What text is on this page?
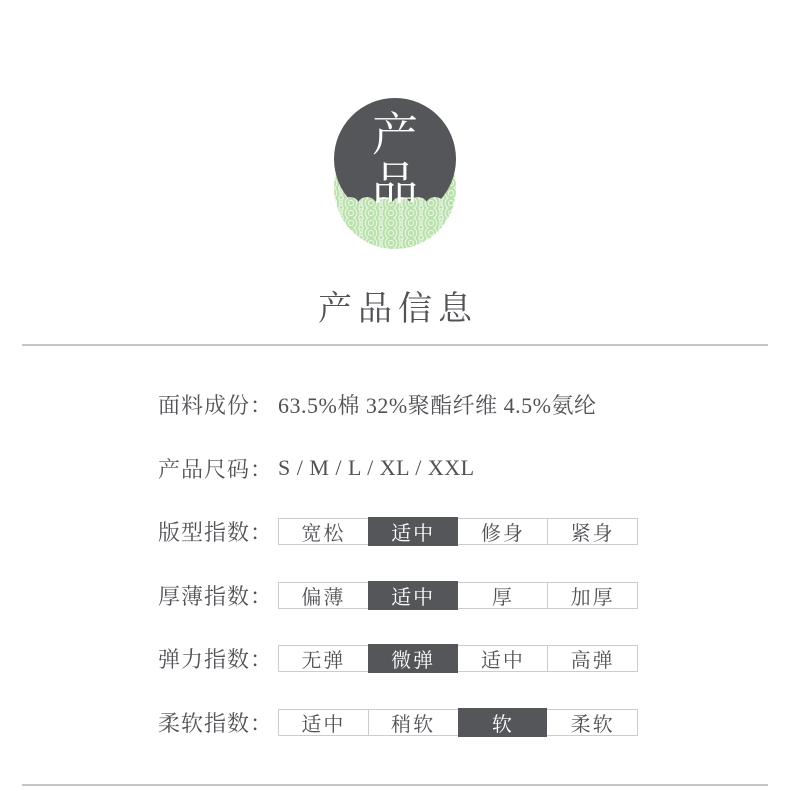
产
品
产品信息
面料成份： 63.5%棉 32%聚酯纤维 4.5%氨纶
产品尺码： S / M / L / XL / XXL
版型指数：	宽松	适中	修身	紧身
厚薄指数：	偏薄	适中	厚	加厚
弹力指数：	无弹	微弹	适中	高弹
柔软指数：	适中	稍软	软	柔软
